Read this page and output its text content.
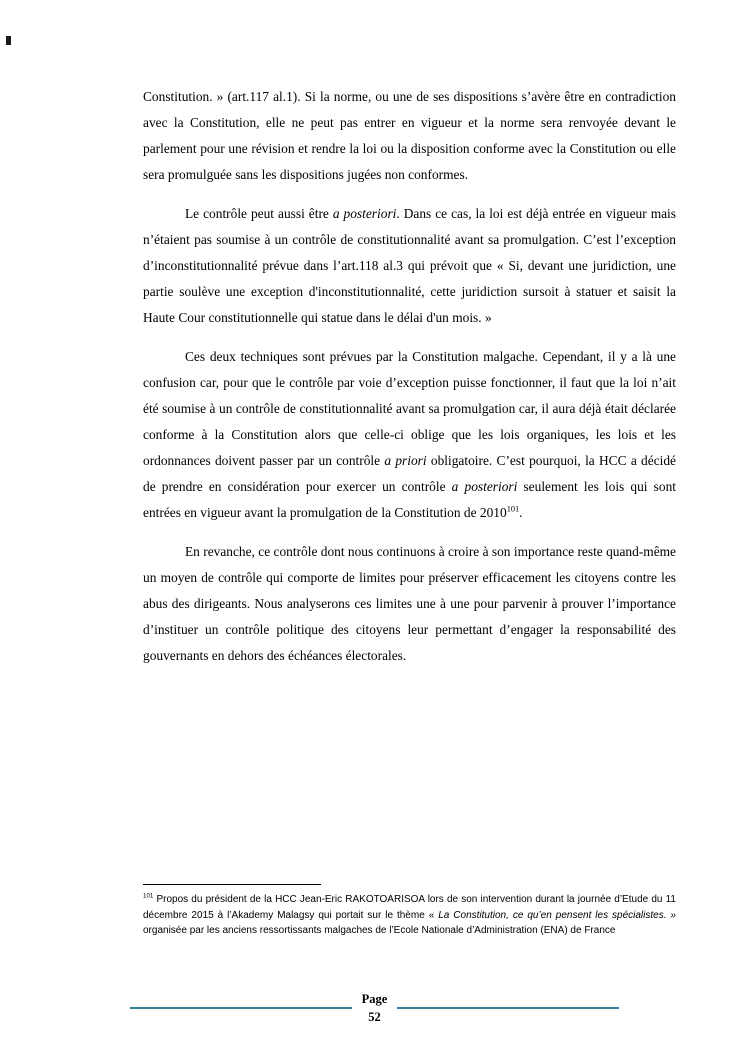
Constitution. » (art.117 al.1). Si la norme, ou une de ses dispositions s’avère être en contradiction avec la Constitution, elle ne peut pas entrer en vigueur et la norme sera renvoyée devant le parlement pour une révision et rendre la loi ou la disposition conforme avec la Constitution ou elle sera promulguée sans les dispositions jugées non conformes.

Le contrôle peut aussi être a posteriori. Dans ce cas, la loi est déjà entrée en vigueur mais n’étaient pas soumise à un contrôle de constitutionnalité avant sa promulgation. C’est l’exception d’inconstitutionnalité prévue dans l’art.118 al.3 qui prévoit que « Si, devant une juridiction, une partie soulève une exception d'inconstitutionnalité, cette juridiction sursoit à statuer et saisit la Haute Cour constitutionnelle qui statue dans le délai d'un mois. »

Ces deux techniques sont prévues par la Constitution malgache. Cependant, il y a là une confusion car, pour que le contrôle par voie d’exception puisse fonctionner, il faut que la loi n’ait été soumise à un contrôle de constitutionnalité avant sa promulgation car, il aura déjà était déclarée conforme à la Constitution alors que celle-ci oblige que les lois organiques, les lois et les ordonnances doivent passer par un contrôle a priori obligatoire. C’est pourquoi, la HCC a décidé de prendre en considération pour exercer un contrôle a posteriori seulement les lois qui sont entrées en vigueur avant la promulgation de la Constitution de 2010$^{101}$.

En revanche, ce contrôle dont nous continuons à croire à son importance reste quand-même un moyen de contrôle qui comporte de limites pour préserver efficacement les citoyens contre les abus des dirigeants. Nous analyserons ces limites une à une pour parvenir à prouver l’importance d’instituer un contrôle politique des citoyens leur permettant d’engager la responsabilité des gouvernants en dehors des échéances électorales.

$^{101}$ Propos du président de la HCC Jean-Eric RAKOTOARISOA lors de son intervention durant la journée d’Etude du 11 décembre 2015 à l’Akademy Malagsy qui portait sur le thème « La Constitution, ce qu’en pensent les spécialistes. » organisée par les anciens ressortissants malgaches de l’Ecole Nationale d’Administration (ENA) de France

Page
52
